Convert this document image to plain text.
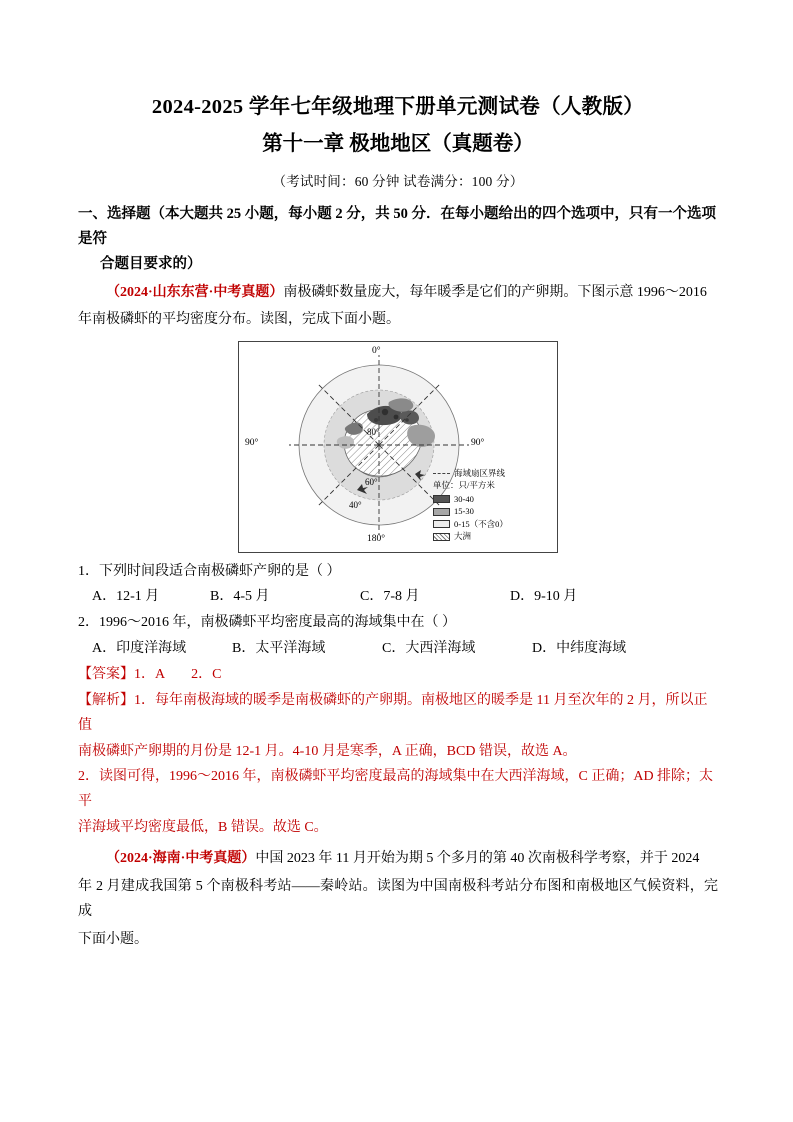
2024-2025 学年七年级地理下册单元测试卷（人教版）
第十一章 极地地区（真题卷）
（考试时间：60 分钟 试卷满分：100 分）
一、选择题（本大题共 25 小题，每小题 2 分，共 50 分．在每小题给出的四个选项中，只有一个选项是符
合题目要求的）

（2024·山东东营·中考真题）南极磷虾数量庞大，每年暖季是它们的产卵期。下图示意 1996～2016

年南极磷虾的平均密度分布。读图，完成下面小题。

80°
60°
40°
0°
90°	90°
180°
海域扇区界线
单位：只/平方米
30-40
15-30
0-15（不含0）
大洲

1．下列时间段适合南极磷虾产卵的是（ ）

A．12-1 月	B．4-5 月	C．7-8 月	D．9-10 月

2．1996～2016 年，南极磷虾平均密度最高的海域集中在（ ）

A．印度洋海域	B．太平洋海域	C．大西洋海域	D．中纬度海域

【答案】1．A 2．C

【解析】1．每年南极海域的暖季是南极磷虾的产卵期。南极地区的暖季是 11 月至次年的 2 月，所以正值

南极磷虾产卵期的月份是 12-1 月。4-10 月是寒季，A 正确，BCD 错误，故选 A。

2．读图可得，1996～2016 年，南极磷虾平均密度最高的海域集中在大西洋海域，C 正确；AD 排除；太平

洋海域平均密度最低，B 错误。故选 C。

（2024·海南·中考真题）中国 2023 年 11 月开始为期 5 个多月的第 40 次南极科学考察，并于 2024

年 2 月建成我国第 5 个南极科考站——秦岭站。读图为中国南极科考站分布图和南极地区气候资料，完成

下面小题。
